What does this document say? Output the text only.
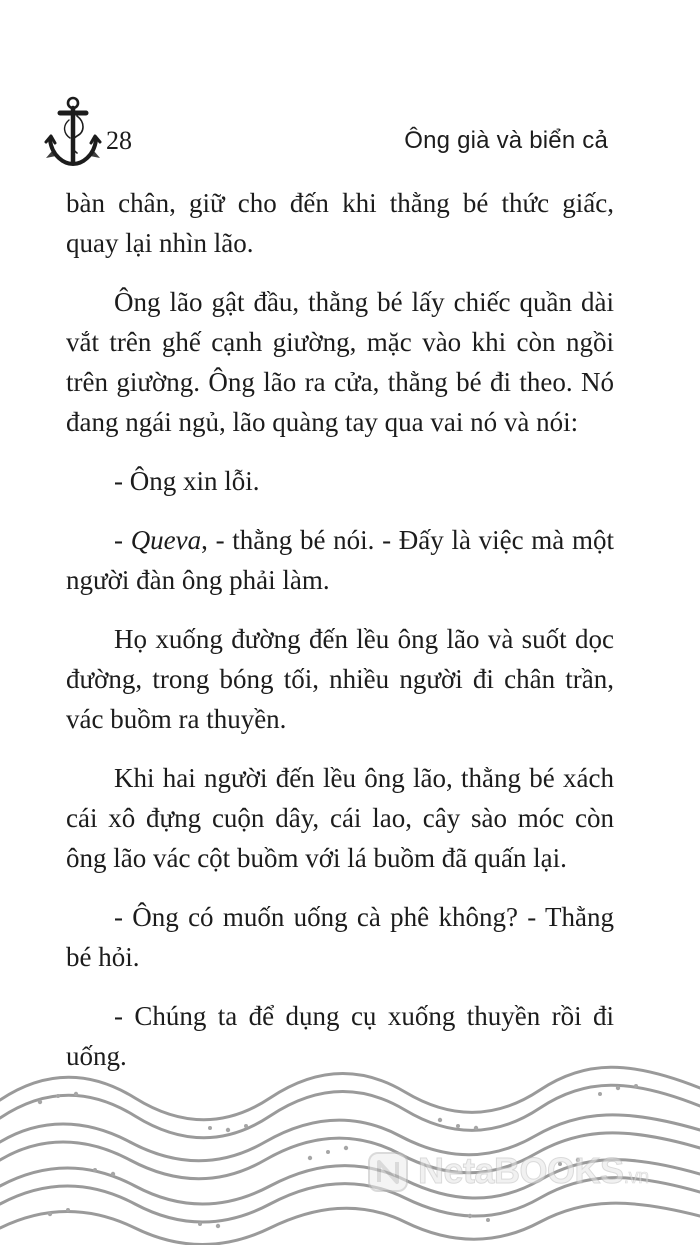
28	Ông già và biển cả

bàn chân, giữ cho đến khi thằng bé thức giấc, quay lại nhìn lão.

Ông lão gật đầu, thằng bé lấy chiếc quần dài vắt trên ghế cạnh giường, mặc vào khi còn ngồi trên giường. Ông lão ra cửa, thằng bé đi theo. Nó đang ngái ngủ, lão quàng tay qua vai nó và nói:

- Ông xin lỗi.

- Queva, - thằng bé nói. - Đấy là việc mà một người đàn ông phải làm.

Họ xuống đường đến lều ông lão và suốt dọc đường, trong bóng tối, nhiều người đi chân trần, vác buồm ra thuyền.

Khi hai người đến lều ông lão, thằng bé xách cái xô đựng cuộn dây, cái lao, cây sào móc còn ông lão vác cột buồm với lá buồm đã quấn lại.

- Ông có muốn uống cà phê không? - Thằng bé hỏi.

- Chúng ta để dụng cụ xuống thuyền rồi đi uống.

NetaBOOKS.vn
